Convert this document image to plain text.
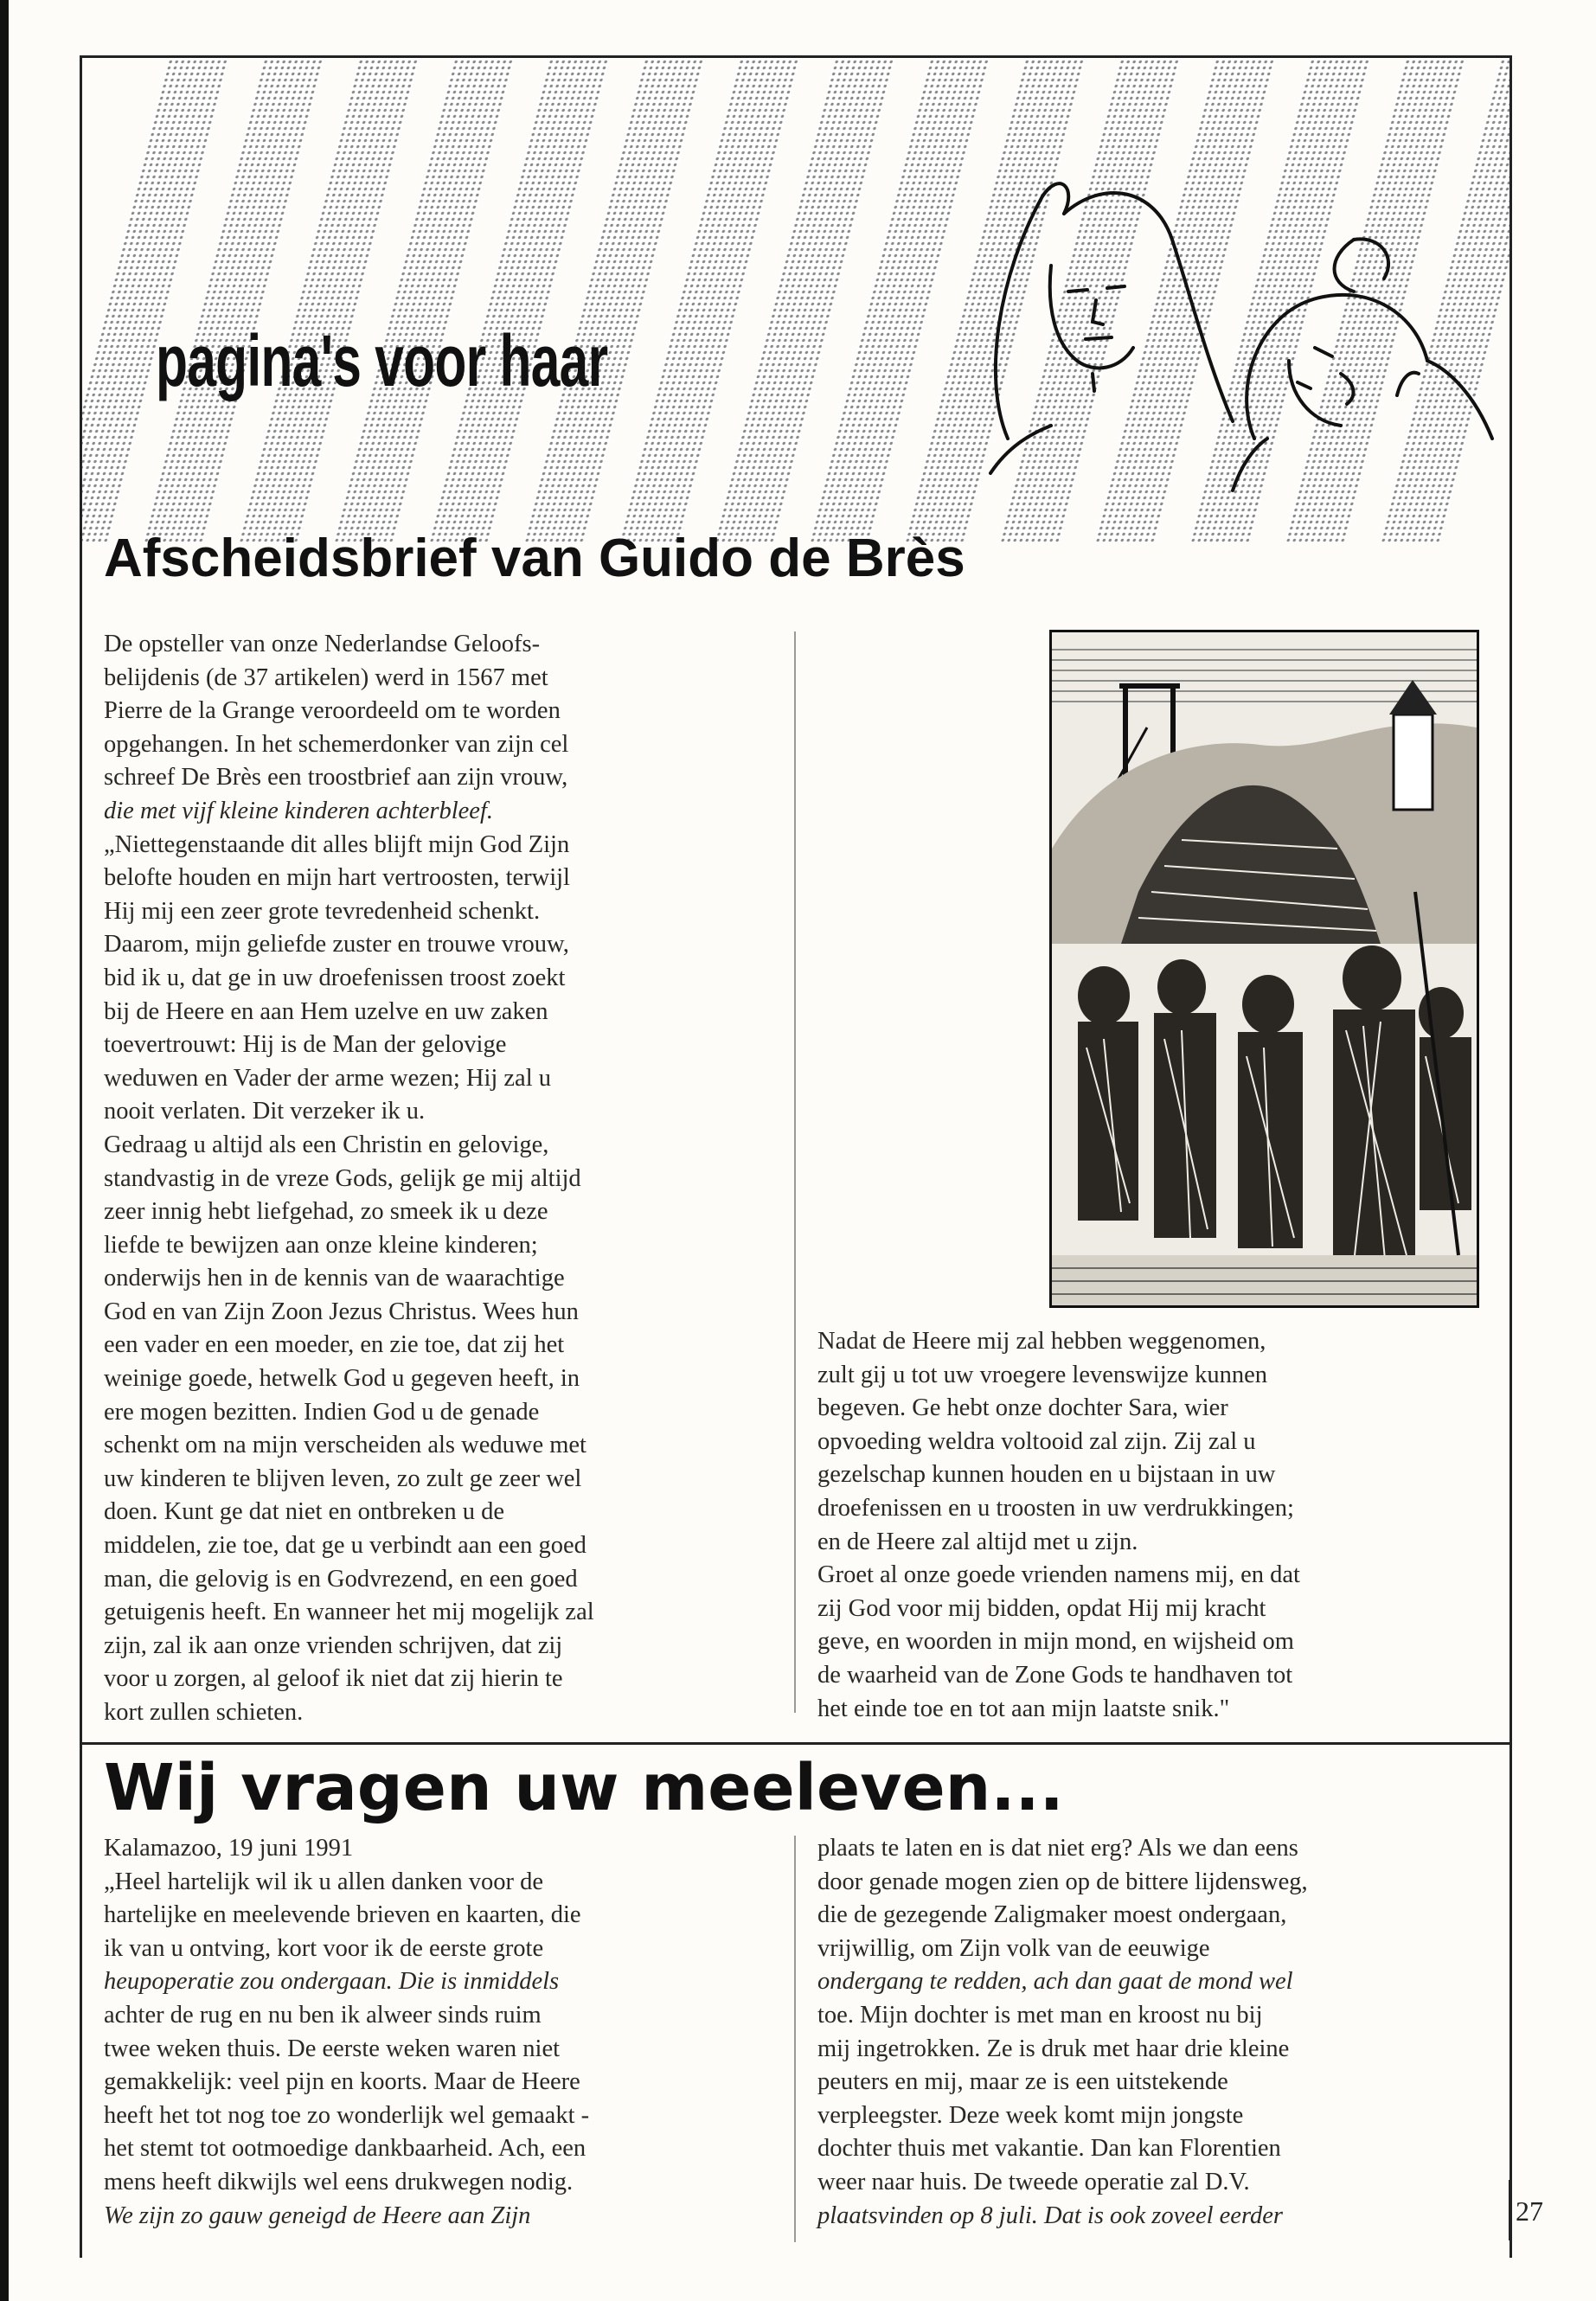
pagina's voor haar
Afscheidsbrief van Guido de Brès

De opsteller van onze Nederlandse Geloofs-

belijdenis (de 37 artikelen) werd in 1567 met

Pierre de la Grange veroordeeld om te worden

opgehangen. In het schemerdonker van zijn cel

schreef De Brès een troostbrief aan zijn vrouw,

die met vijf kleine kinderen achterbleef.

„Niettegenstaande dit alles blijft mijn God Zijn

belofte houden en mijn hart vertroosten, terwijl

Hij mij een zeer grote tevredenheid schenkt.

Daarom, mijn geliefde zuster en trouwe vrouw,

bid ik u, dat ge in uw droefenissen troost zoekt

bij de Heere en aan Hem uzelve en uw zaken

toevertrouwt: Hij is de Man der gelovige

weduwen en Vader der arme wezen; Hij zal u

nooit verlaten. Dit verzeker ik u.

Gedraag u altijd als een Christin en gelovige,

standvastig in de vreze Gods, gelijk ge mij altijd

zeer innig hebt liefgehad, zo smeek ik u deze

liefde te bewijzen aan onze kleine kinderen;

onderwijs hen in de kennis van de waarachtige

God en van Zijn Zoon Jezus Christus. Wees hun

een vader en een moeder, en zie toe, dat zij het

weinige goede, hetwelk God u gegeven heeft, in

ere mogen bezitten. Indien God u de genade

schenkt om na mijn verscheiden als weduwe met

uw kinderen te blijven leven, zo zult ge zeer wel

doen. Kunt ge dat niet en ontbreken u de

middelen, zie toe, dat ge u verbindt aan een goed

man, die gelovig is en Godvrezend, en een goed

getuigenis heeft. En wanneer het mij mogelijk zal

zijn, zal ik aan onze vrienden schrijven, dat zij

voor u zorgen, al geloof ik niet dat zij hierin te

kort zullen schieten.

Nadat de Heere mij zal hebben weggenomen,

zult gij u tot uw vroegere levenswijze kunnen

begeven. Ge hebt onze dochter Sara, wier

opvoeding weldra voltooid zal zijn. Zij zal u

gezelschap kunnen houden en u bijstaan in uw

droefenissen en u troosten in uw verdrukkingen;

en de Heere zal altijd met u zijn.

Groet al onze goede vrienden namens mij, en dat

zij God voor mij bidden, opdat Hij mij kracht

geve, en woorden in mijn mond, en wijsheid om

de waarheid van de Zone Gods te handhaven tot

het einde toe en tot aan mijn laatste snik."

Wij vragen uw meeleven...

Kalamazoo, 19 juni 1991

„Heel hartelijk wil ik u allen danken voor de

hartelijke en meelevende brieven en kaarten, die

ik van u ontving, kort voor ik de eerste grote

heupoperatie zou ondergaan. Die is inmiddels

achter de rug en nu ben ik alweer sinds ruim

twee weken thuis. De eerste weken waren niet

gemakkelijk: veel pijn en koorts. Maar de Heere

heeft het tot nog toe zo wonderlijk wel gemaakt -

het stemt tot ootmoedige dankbaarheid. Ach, een

mens heeft dikwijls wel eens drukwegen nodig.

We zijn zo gauw geneigd de Heere aan Zijn

plaats te laten en is dat niet erg? Als we dan eens

door genade mogen zien op de bittere lijdensweg,

die de gezegende Zaligmaker moest ondergaan,

vrijwillig, om Zijn volk van de eeuwige

ondergang te redden, ach dan gaat de mond wel

toe. Mijn dochter is met man en kroost nu bij

mij ingetrokken. Ze is druk met haar drie kleine

peuters en mij, maar ze is een uitstekende

verpleegster. Deze week komt mijn jongste

dochter thuis met vakantie. Dan kan Florentien

weer naar huis. De tweede operatie zal D.V.

plaatsvinden op 8 juli. Dat is ook zoveel eerder	27
